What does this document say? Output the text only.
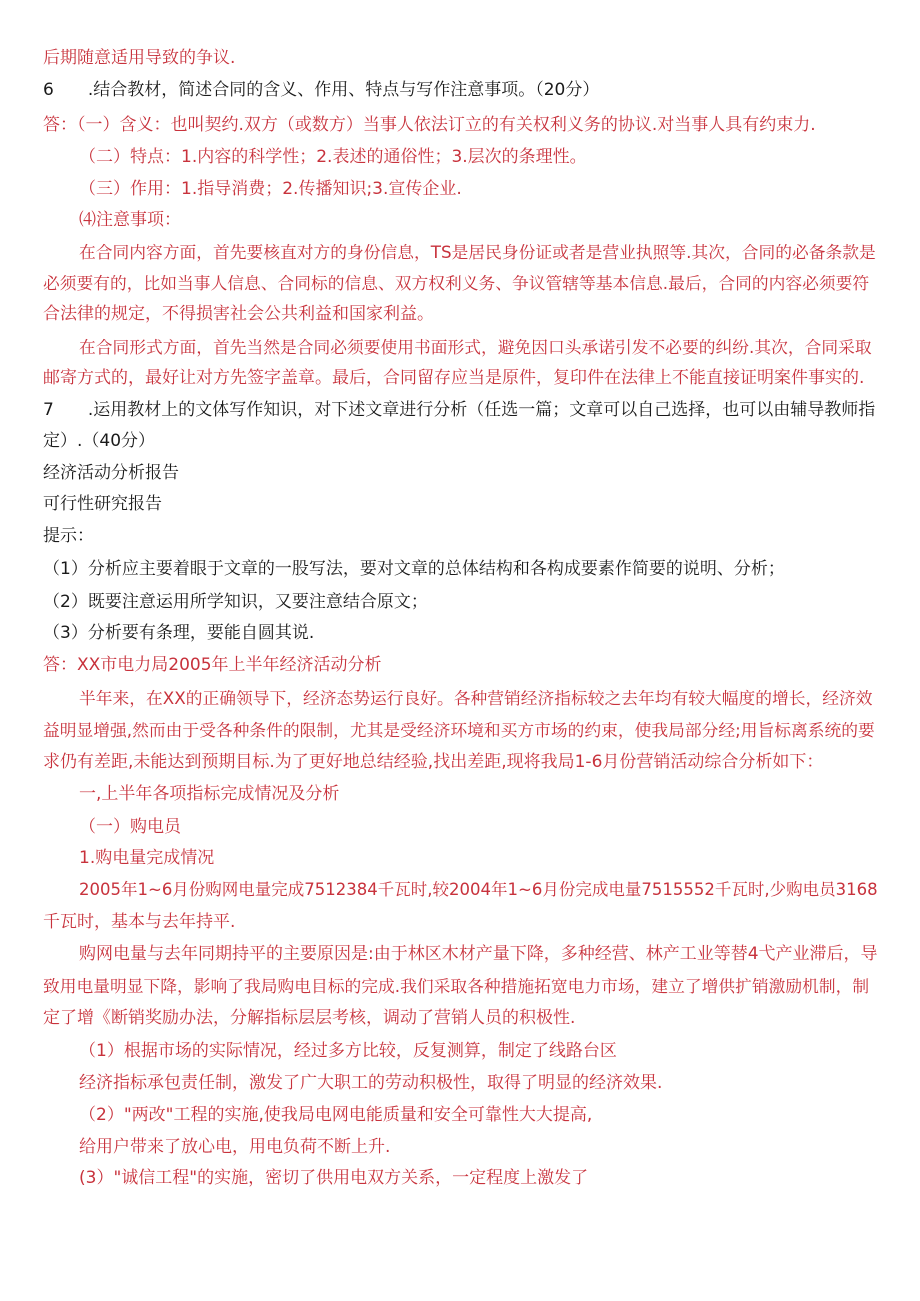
后期随意适用导致的争议.
6　　.结合教材，简述合同的含义、作用、特点与写作注意事项。（20分）
答：（一）含义：也叫契约.双方（或数方）当事人依法订立的有关权利义务的协议.对当事人具有约束力.
（二）特点：1.内容的科学性；2.表述的通俗性；3.层次的条理性。
（三）作用：1.指导消费；2.传播知识;3.宣传企业.
⑷注意事项：
在合同内容方面，首先要核直对方的身份信息，TS是居民身份证或者是营业执照等.其次，合同的必备条款是
必须要有的，比如当事人信息、合同标的信息、双方权利义务、争议管辖等基本信息.最后，合同的内容必须要符
合法律的规定，不得损害社会公共利益和国家利益。
在合同形式方面，首先当然是合同必须要使用书面形式，避免因口头承诺引发不必要的纠纷.其次，合同采取
邮寄方式的，最好让对方先签字盖章。最后，合同留存应当是原件，复印件在法律上不能直接证明案件事实的.
7　　.运用教材上的文体写作知识，对下述文章进行分析（任选一篇；文章可以自己选择，也可以由辅导教师指
定）.（40分）
经济活动分析报告
可行性研究报告
提示：
（1）分析应主要着眼于文章的一股写法，要对文章的总体结构和各构成要素作简要的说明、分析；
（2）既要注意运用所学知识，又要注意结合原文；
（3）分析要有条理，要能自圆其说.
答：XX市电力局2005年上半年经济活动分析
半年来，在XX的正确领导下，经济态势运行良好。各种营销经济指标较之去年均有较大幅度的增长，经济效
益明显增强,然而由于受各种条件的限制，尤其是受经济环境和买方市场的约束，使我局部分经;用旨标离系统的要
求仍有差距,未能达到预期目标.为了更好地总结经验,找出差距,现将我局1-6月份营销活动综合分析如下：
一,上半年各项指标完成情况及分析
（一）购电员
1.购电量完成情况
2005年1~6月份购网电量完成7512384千瓦时,较2004年1~6月份完成电量7515552千瓦时,少购电员3168
千瓦时，基本与去年持平.
购网电量与去年同期持平的主要原因是:由于林区木材产量下降，多种经营、林产工业等替4弋产业滞后，导
致用电量明显下降，影响了我局购电目标的完成.我们采取各种措施拓宽电力市场，建立了增供扩销激励机制，制
定了增《断销奖励办法，分解指标层层考核，调动了营销人员的积极性.
（1）根据市场的实际情况，经过多方比较，反复测算，制定了线路台区
经济指标承包责任制，激发了广大职工的劳动积极性，取得了明显的经济效果.
（2）"两改"工程的实施,使我局电网电能质量和安全可靠性大大提高,
给用户带来了放心电，用电负荷不断上升.
(3）"诚信工程"的实施，密切了供用电双方关系，一定程度上激发了
